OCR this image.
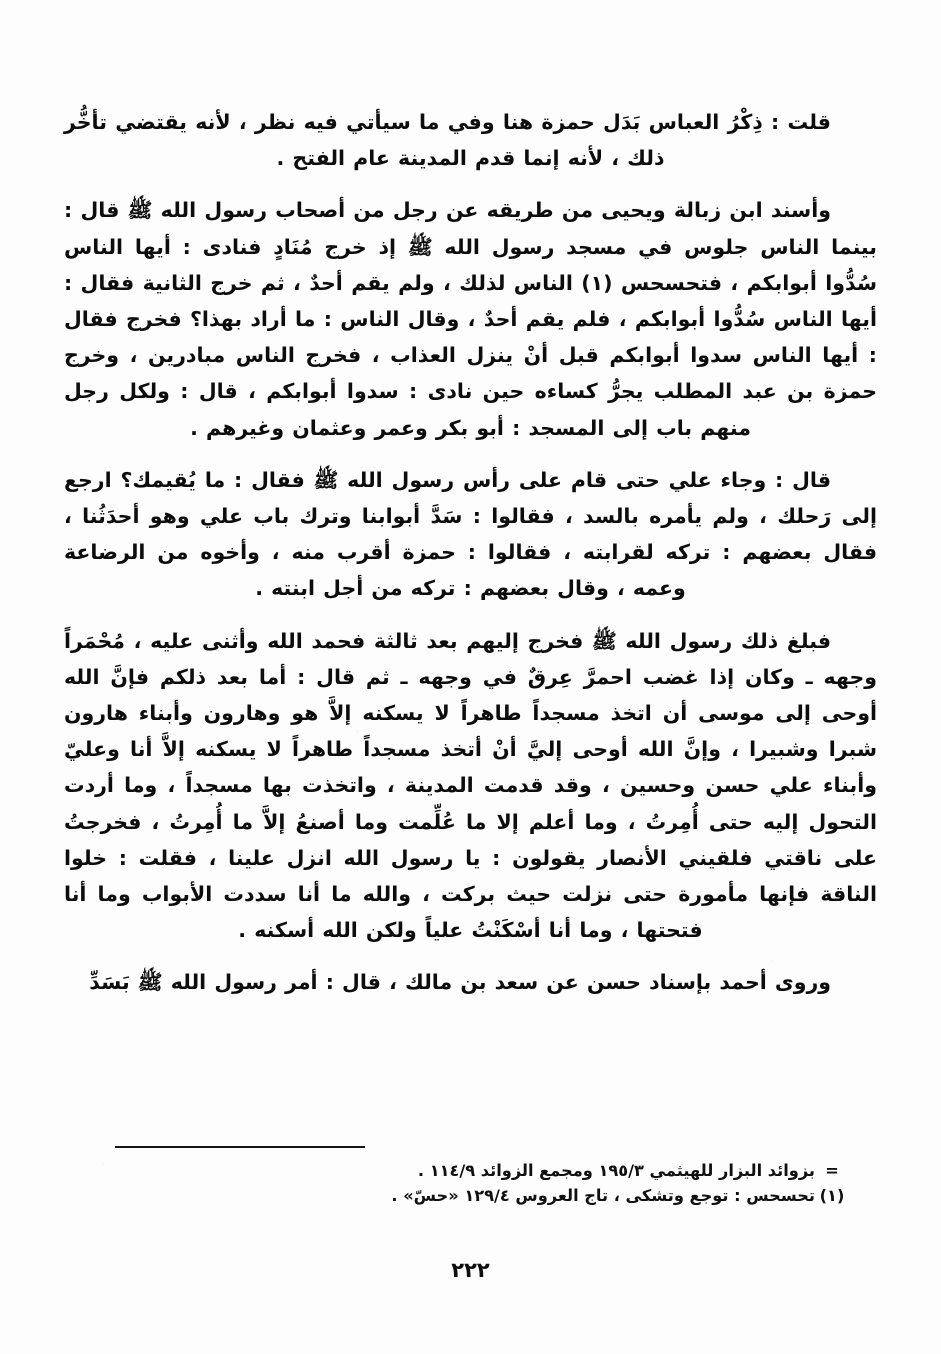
قلت : ذِكْرُ العباس بَدَل حمزة هنا وفي ما سيأتي فيه نظر ، لأنه يقتضي تأخُّر ذلك ، لأنه إنما قدم المدينة عام الفتح .

وأسند ابن زبالة ويحيى من طريقه عن رجل من أصحاب رسول الله ﷺ قال : بينما الناس جلوس في مسجد رسول الله ﷺ إذ خرج مُنَادٍ فنادى : أيها الناس سُدُّوا أبوابكم ، فتحسحس (١) الناس لذلك ، ولم يقم أحدٌ ، ثم خرج الثانية فقال : أيها الناس سُدُّوا أبوابكم ، فلم يقم أحدٌ ، وقال الناس : ما أراد بهذا؟ فخرج فقال : أيها الناس سدوا أبوابكم قبل أنْ ينزل العذاب ، فخرج الناس مبادرين ، وخرج حمزة بن عبد المطلب يجرُّ كساءه حين نادى : سدوا أبوابكم ، قال : ولكل رجل منهم باب إلى المسجد : أبو بكر وعمر وعثمان وغيرهم .

قال : وجاء علي حتى قام على رأس رسول الله ﷺ فقال : ما يُقيمك؟ ارجع إلى رَحلك ، ولم يأمره بالسد ، فقالوا : سَدَّ أبوابنا وترك باب علي وهو أحدَثُنا ، فقال بعضهم : تركه لقرابته ، فقالوا : حمزة أقرب منه ، وأخوه من الرضاعة وعمه ، وقال بعضهم : تركه من أجل ابنته .

فبلغ ذلك رسول الله ﷺ فخرج إليهم بعد ثالثة فحمد الله وأثنى عليه ، مُحْمَراً وجهه ـ وكان إذا غضب احمرَّ عِرقٌ في وجهه ـ ثم قال : أما بعد ذلكم فإنَّ الله أوحى إلى موسى أن اتخذ مسجداً طاهراً لا يسكنه إلاَّ هو وهارون وأبناء هارون شبرا وشبيرا ، وإنَّ الله أوحى إليَّ أنْ أتخذ مسجداً طاهراً لا يسكنه إلاَّ أنا وعليّ وأبناء علي حسن وحسين ، وقد قدمت المدينة ، واتخذت بها مسجداً ، وما أردت التحول إليه حتى أُمِرتُ ، وما أعلم إلا ما عُلِّمت وما أصنعُ إلاَّ ما أُمِرتُ ، فخرجتُ على ناقتي فلقيني الأنصار يقولون : يا رسول الله انزل علينا ، فقلت : خلوا الناقة فإنها مأمورة حتى نزلت حيث بركت ، والله ما أنا سددت الأبواب وما أنا فتحتها ، وما أنا أسْكَنْتُ علياً ولكن الله أسكنه .

وروى أحمد بإسناد حسن عن سعد بن مالك ، قال : أمر رسول الله ﷺ بَسَدِّ

=بزوائد البزار للهيثمي ١٩٥/٣ ومجمع الزوائد ١١٤/٩ .
(١)تحسحس : توجع وتشكى ، تاج العروس ١٢٩/٤ «حسّ» .
٢٢٢
